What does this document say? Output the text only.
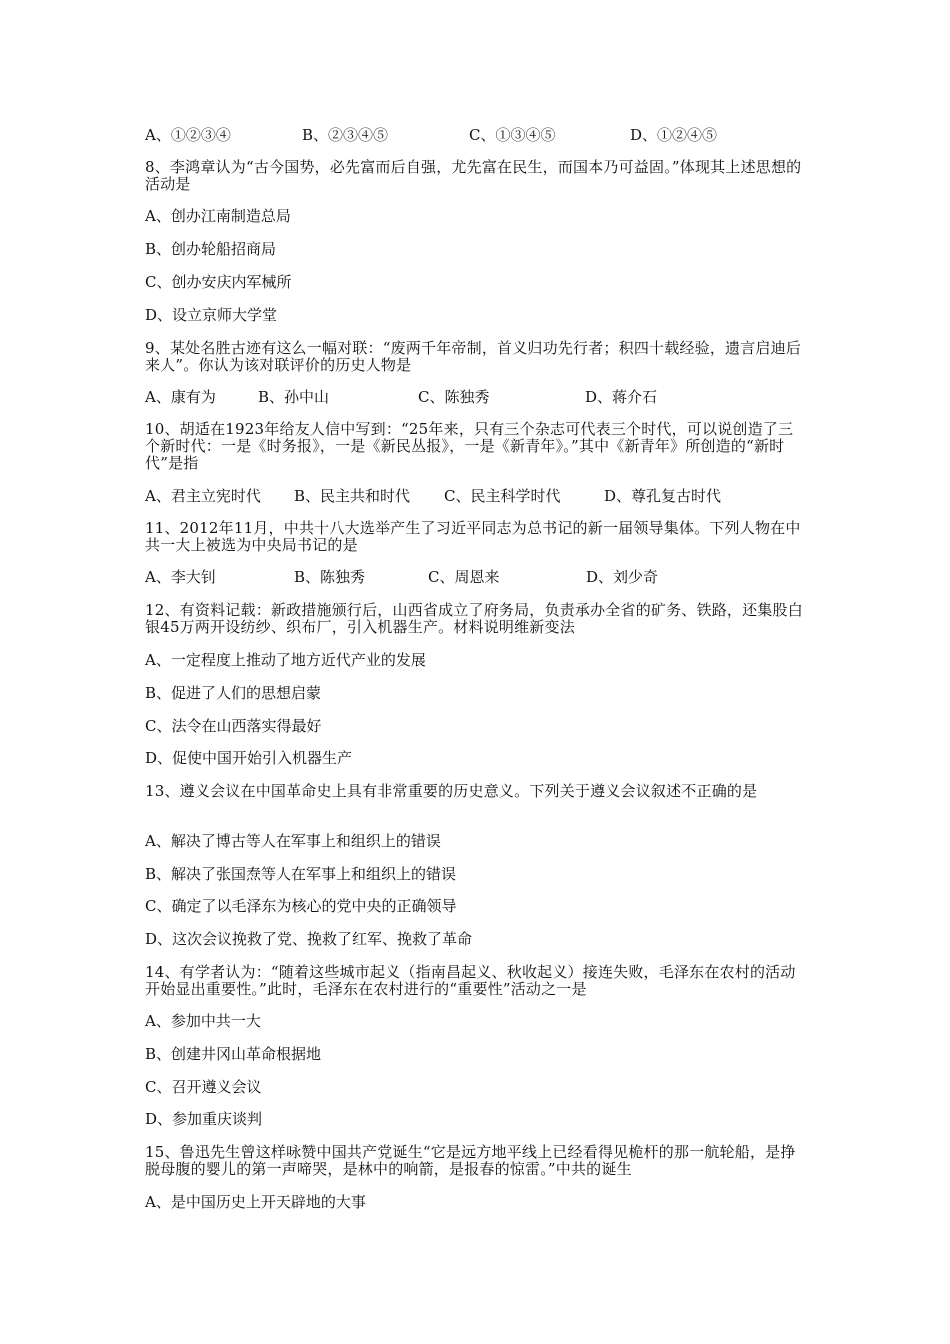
A、①②③④	B、②③④⑤	C、①③④⑤	D、①②④⑤
8、李鸿章认为“古今国势，必先富而后自强，尤先富在民生，而国本乃可益固。”体现其上述思想的活动是
A、创办江南制造总局
B、创办轮船招商局
C、创办安庆内军械所
D、设立京师大学堂
9、某处名胜古迹有这么一幅对联：“废两千年帝制，首义归功先行者；积四十载经验，遗言启迪后来人”。你认为该对联评价的历史人物是
A、康有为	B、孙中山	C、陈独秀	D、蒋介石
10、胡适在1923年给友人信中写到：“25年来，只有三个杂志可代表三个时代，可以说创造了三个新时代：一是《时务报》，一是《新民丛报》，一是《新青年》。”其中《新青年》所创造的“新时代”是指
A、君主立宪时代 B、民主共和时代 C、民主科学时代	D、尊孔复古时代
11、2012年11月，中共十八大选举产生了习近平同志为总书记的新一届领导集体。下列人物在中共一大上被选为中央局书记的是
A、李大钊	B、陈独秀	C、周恩来	D、刘少奇
12、有资料记载：新政措施颁行后，山西省成立了府务局，负责承办全省的矿务、铁路，还集股白银45万两开设纺纱、织布厂，引入机器生产。材料说明维新变法
A、一定程度上推动了地方近代产业的发展
B、促进了人们的思想启蒙
C、法令在山西落实得最好
D、促使中国开始引入机器生产
13、遵义会议在中国革命史上具有非常重要的历史意义。下列关于遵义会议叙述不正确的是
A、解决了博古等人在军事上和组织上的错误
B、解决了张国焘等人在军事上和组织上的错误
C、确定了以毛泽东为核心的党中央的正确领导
D、这次会议挽救了党、挽救了红军、挽救了革命
14、有学者认为：“随着这些城市起义（指南昌起义、秋收起义）接连失败，毛泽东在农村的活动开始显出重要性。”此时，毛泽东在农村进行的“重要性”活动之一是
A、参加中共一大
B、创建井冈山革命根据地
C、召开遵义会议
D、参加重庆谈判
15、鲁迅先生曾这样咏赞中国共产党诞生“它是远方地平线上已经看得见桅杆的那一航轮船，是挣脱母腹的婴儿的第一声啼哭，是林中的响箭，是报春的惊雷。”中共的诞生
A、是中国历史上开天辟地的大事
